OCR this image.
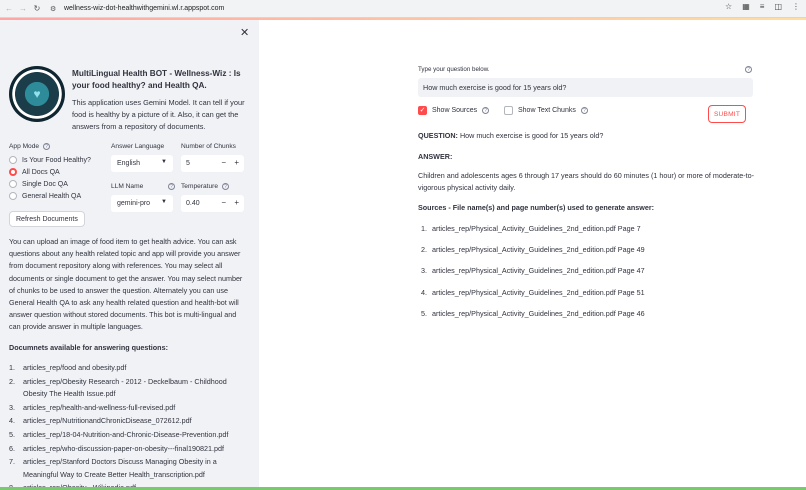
← → ↻	⚙	wellness-wiz-dot-healthwithgemini.wl.r.appspot.com	☆ ▦ ≡ ◫ ⋮
✕
♥
MultiLingual Health BOT - Wellness-Wiz : Is your food healthy? and Health QA.
This application uses Gemini Model. It can tell if your food is healthy by a picture of it. Also, it can get the answers from a repository of documents.
App Mode	?
Is Your Food Healthy?
All Docs QA
Single Doc QA
General Health QA
Answer Language
English	▼
Number of Chunks
5	− +
LLM Name	?
gemini-pro ▼
Temperature	?
0.40	− +
Refresh Documents
You can upload an image of food item to get health advice. You can ask questions about any health related topic and app will provide you answer from document repository along with references. You may select all documents or single document to get the answer. You may select number of chunks to be used to answer the question. Alternately you can use General Health QA to ask any health related question and health-bot will answer question without stored documents. This bot is multi-lingual and can provide answer in multiple languages.
Documnets available for answering questions:
1.	articles_rep/food and obesity.pdf
2.	articles_rep/Obesity Research - 2012 - Deckelbaum - Childhood Obesity The Health Issue.pdf
3.	articles_rep/health-and-wellness-full-revised.pdf
4.	articles_rep/NutritionandChronicDisease_072612.pdf
5.	articles_rep/18-04-Nutrition-and-Chronic-Disease-Prevention.pdf
6.	articles_rep/who-discussion-paper-on-obesity---final190821.pdf
7.	articles_rep/Stanford Doctors Discuss Managing Obesity in a Meaningful Way to Create Better Health_transcription.pdf
Type your question below.	?
How much exercise is good for 15 years old?
✓ Show Sources	?	Show Text Chunks	?	SUBMIT
QUESTION: How much exercise is good for 15 years old?
ANSWER:
Children and adolescents ages 6 through 17 years should do 60 minutes (1 hour) or more of moderate-to-vigorous physical activity daily.
Sources - File name(s) and page number(s) used to generate answer:
1. articles_rep/Physical_Activity_Guidelines_2nd_edition.pdf Page 7
2. articles_rep/Physical_Activity_Guidelines_2nd_edition.pdf Page 49
3. articles_rep/Physical_Activity_Guidelines_2nd_edition.pdf Page 47
4. articles_rep/Physical_Activity_Guidelines_2nd_edition.pdf Page 51
5. articles_rep/Physical_Activity_Guidelines_2nd_edition.pdf Page 46
